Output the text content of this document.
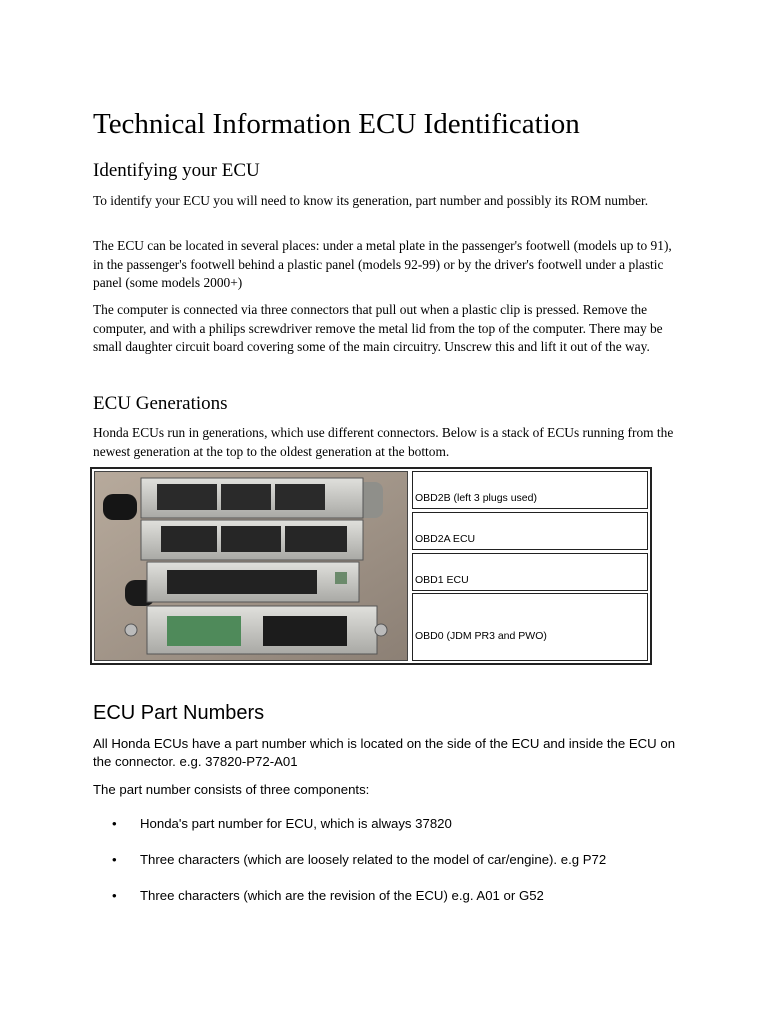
Technical Information ECU Identification
Identifying your ECU
To identify your ECU you will need to know its generation, part number and possibly its ROM number.
The ECU can be located in several places: under a metal plate in the passenger's footwell (models up to 91), in the passenger's footwell behind a plastic panel (models 92-99) or by the driver's footwell under a plastic panel (some models 2000+)
The computer is connected via three connectors that pull out when a plastic clip is pressed. Remove the computer, and with a philips screwdriver remove the metal lid from the top of the computer. There may be small daughter circuit board covering some of the main circuitry. Unscrew this and lift it out of the way.
ECU Generations
Honda ECUs run in generations, which use different connectors. Below is a stack of ECUs running from the newest generation at the top to the oldest generation at the bottom.
OBD2B (left 3 plugs used)
OBD2A ECU
OBD1 ECU
OBD0 (JDM PR3 and PWO)
ECU Part Numbers
All Honda ECUs have a part number which is located on the side of the ECU and inside the ECU on the connector. e.g. 37820-P72-A01
The part number consists of three components:
• Honda's part number for ECU, which is always 37820
• Three characters (which are loosely related to the model of car/engine). e.g P72
• Three characters (which are the revision of the ECU) e.g. A01 or G52
